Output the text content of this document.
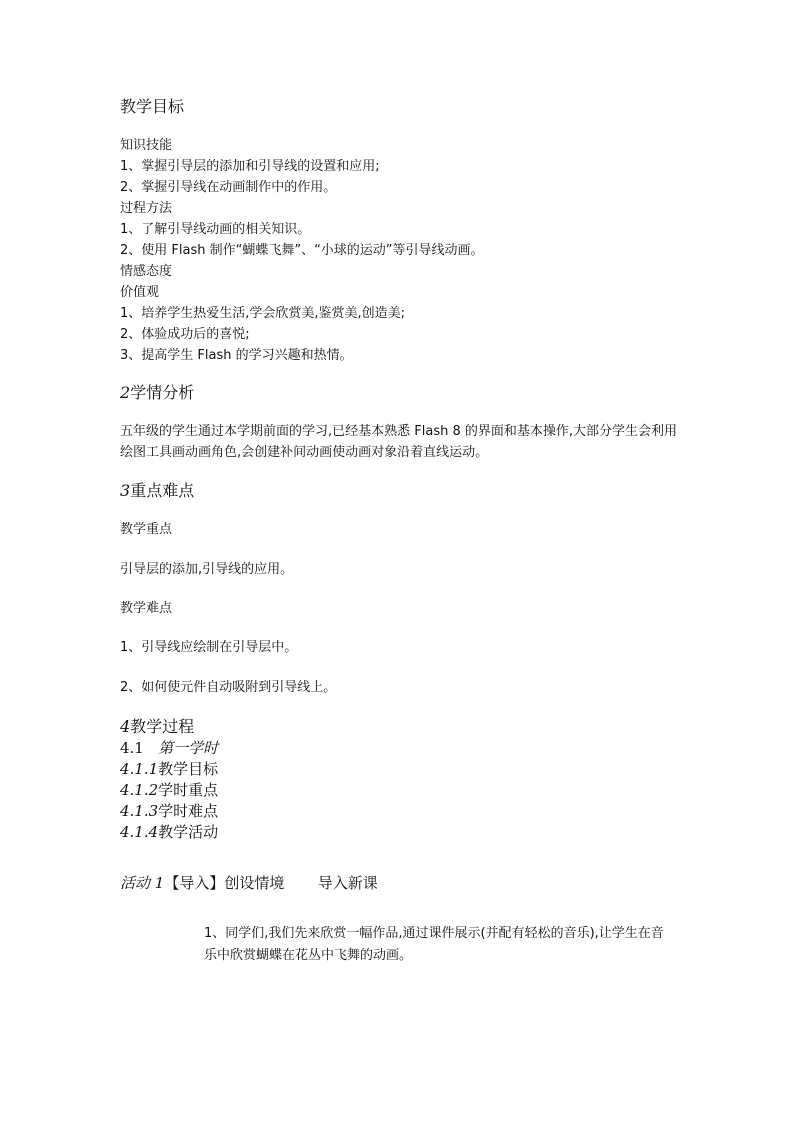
教学目标
知识技能
1、掌握引导层的添加和引导线的设置和应用;
2、掌握引导线在动画制作中的作用。
过程方法
1、了解引导线动画的相关知识。
2、使用 Flash 制作“蝴蝶飞舞”、“小球的运动”等引导线动画。
情感态度
价值观
1、培养学生热爱生活,学会欣赏美,鉴赏美,创造美;
2、体验成功后的喜悦;
3、提高学生 Flash 的学习兴趣和热情。
2学情分析
五年级的学生通过本学期前面的学习,已经基本熟悉 Flash 8 的界面和基本操作,大部分学生会利用绘图工具画动画角色,会创建补间动画使动画对象沿着直线运动。
3重点难点
教学重点
引导层的添加,引导线的应用。
教学难点
1、引导线应绘制在引导层中。
2、如何使元件自动吸附到引导线上。
4教学过程
4.1 第一学时
4.1.1教学目标
4.1.2学时重点
4.1.3学时难点
4.1.4教学活动
活动 1【导入】创设情境 导入新课
1、同学们,我们先来欣赏一幅作品,通过课件展示(并配有轻松的音乐),让学生在音乐中欣赏蝴蝶在花丛中飞舞的动画。
